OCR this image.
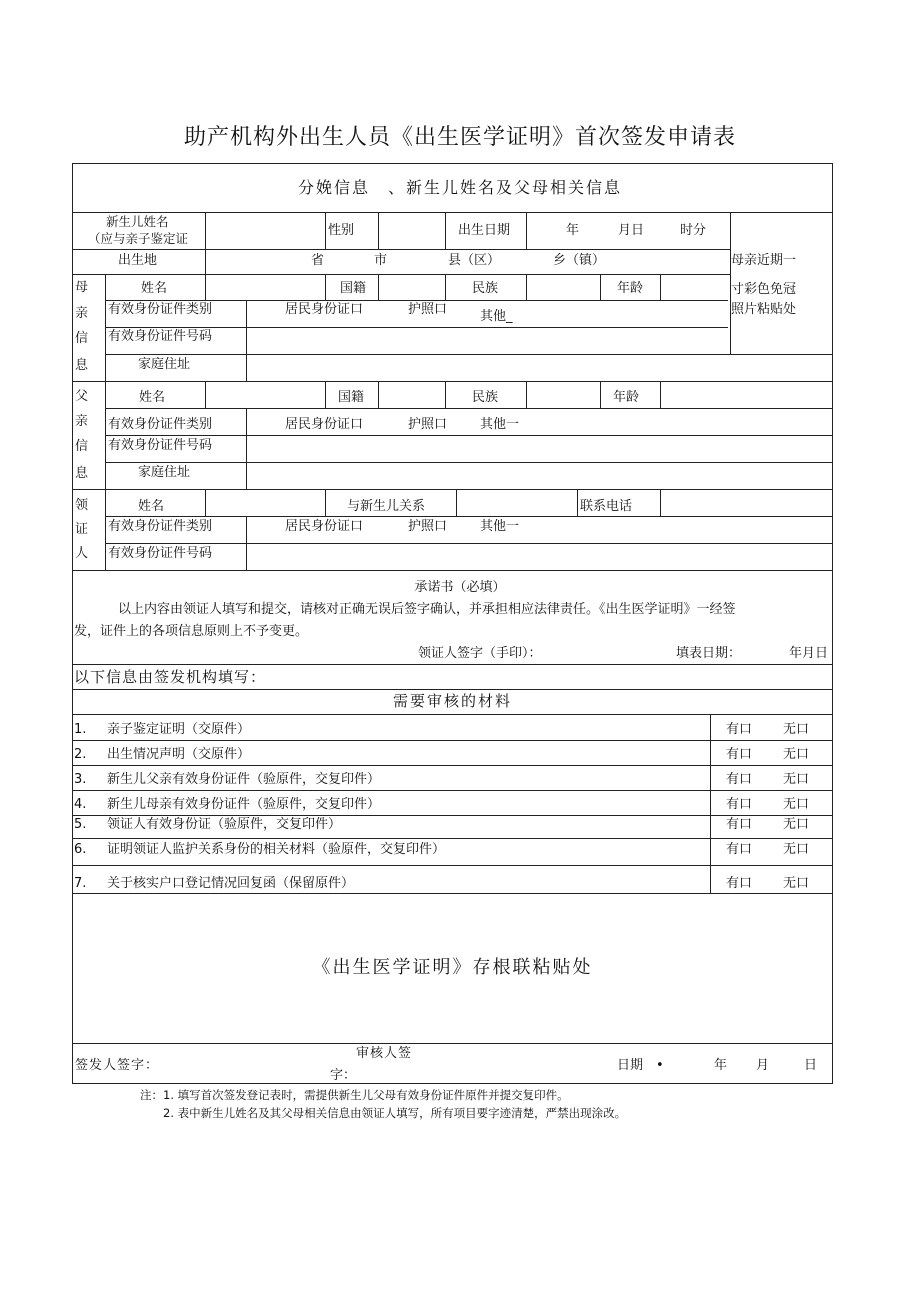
助产机构外出生人员《出生医学证明》首次签发申请表
分娩信息　、新生儿姓名及父母相关信息
新生儿姓名
（应与亲子鉴定证
性别	出生日期	年	月日	时分
出生地	省	市	县（区）	乡（镇）	母亲近期一
寸彩色免冠
照片粘贴处
母
亲
信
息
姓名	国籍	民族	年龄
有效身份证件类别	居民身份证口	护照口	其他_
有效身份证件号码
家庭住址
父
亲
信
息
姓名	国籍	民族	年龄
有效身份证件类别	居民身份证口	护照口	其他一
有效身份证件号码
家庭住址
领
证
人
姓名	与新生儿关系	联系电话
有效身份证件类别	居民身份证口	护照口	其他一
有效身份证件号码
承诺书（必填）
以上内容由领证人填写和提交，请核对正确无误后签字确认，并承担相应法律责任。《出生医学证明》一经签
发，证件上的各项信息原则上不予变更。
领证人签字（手印）：	填表日期：	年月日
以下信息由签发机构填写：
需要审核的材料
1. 亲子鉴定证明（交原件）	有口 无口
2. 出生情况声明（交原件）	有口 无口
3. 新生儿父亲有效身份证件（验原件，交复印件）	有口 无口
4. 新生儿母亲有效身份证件（验原件，交复印件）	有口 无口
5. 领证人有效身份证（验原件，交复印件）	有口 无口
6. 证明领证人监护关系身份的相关材料（验原件，交复印件）	有口 无口
7. 关于核实户口登记情况回复函（保留原件）	有口 无口
《出生医学证明》存根联粘贴处
签发人签字：
审核人签
字：
日期　•	年 月	日
注：1. 填写首次签发登记表时，需提供新生儿父母有效身份证件原件并提交复印件。
2. 表中新生儿姓名及其父母相关信息由领证人填写，所有项目要字迹清楚，严禁出现涂改。
